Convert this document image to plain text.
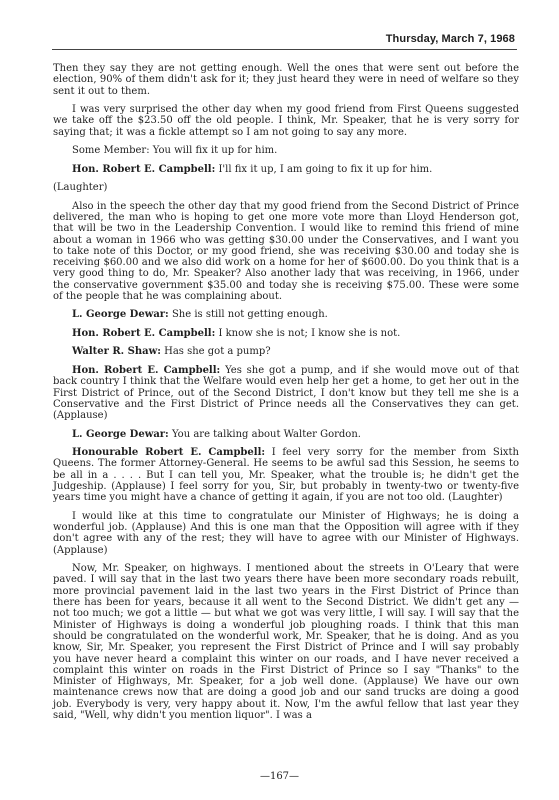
Thursday, March 7, 1968

Then they say they are not getting enough. Well the ones that were sent out before the election, 90% of them didn't ask for it; they just heard they were in need of welfare so they sent it out to them.

I was very surprised the other day when my good friend from First Queens suggested we take off the $23.50 off the old people. I think, Mr. Speaker, that he is very sorry for saying that; it was a fickle attempt so I am not going to say any more.

Some Member: You will fix it up for him.

Hon. Robert E. Campbell: I'll fix it up, I am going to fix it up for him.

(Laughter)

Also in the speech the other day that my good friend from the Second District of Prince delivered, the man who is hoping to get one more vote more than Lloyd Henderson got, that will be two in the Leadership Convention. I would like to remind this friend of mine about a woman in 1966 who was getting $30.00 under the Conservatives, and I want you to take note of this Doctor, or my good friend, she was receiving $30.00 and today she is receiving $60.00 and we also did work on a home for her of $600.00. Do you think that is a very good thing to do, Mr. Speaker? Also another lady that was receiving, in 1966, under the conservative government $35.00 and today she is receiving $75.00. These were some of the people that he was complaining about.

L. George Dewar: She is still not getting enough.

Hon. Robert E. Campbell: I know she is not; I know she is not.

Walter R. Shaw: Has she got a pump?

Hon. Robert E. Campbell: Yes she got a pump, and if she would move out of that back country I think that the Welfare would even help her get a home, to get her out in the First District of Prince, out of the Second District, I don't know but they tell me she is a Conservative and the First District of Prince needs all the Conservatives they can get. (Applause)

L. George Dewar: You are talking about Walter Gordon.

Honourable Robert E. Campbell: I feel very sorry for the member from Sixth Queens. The former Attorney-General. He seems to be awful sad this Session, he seems to be all in a . . . . But I can tell you, Mr. Speaker, what the trouble is; he didn't get the Judgeship. (Applause) I feel sorry for you, Sir, but probably in twenty-two or twenty-five years time you might have a chance of getting it again, if you are not too old. (Laughter)

I would like at this time to congratulate our Minister of Highways; he is doing a wonderful job. (Applause) And this is one man that the Opposition will agree with if they don't agree with any of the rest; they will have to agree with our Minister of Highways. (Applause)

Now, Mr. Speaker, on highways. I mentioned about the streets in O'Leary that were paved. I will say that in the last two years there have been more secondary roads rebuilt, more provincial pavement laid in the last two years in the First District of Prince than there has been for years, because it all went to the Second District. We didn't get any — not too much; we got a little — but what we got was very little, I will say. I will say that the Minister of Highways is doing a wonderful job ploughing roads. I think that this man should be congratulated on the wonderful work, Mr. Speaker, that he is doing. And as you know, Sir, Mr. Speaker, you represent the First District of Prince and I will say probably you have never heard a complaint this winter on our roads, and I have never received a complaint this winter on roads in the First District of Prince so I say "Thanks" to the Minister of Highways, Mr. Speaker, for a job well done. (Applause) We have our own maintenance crews now that are doing a good job and our sand trucks are doing a good job. Everybody is very, very happy about it. Now, I'm the awful fellow that last year they said, "Well, why didn't you mention liquor". I was a

—167—
